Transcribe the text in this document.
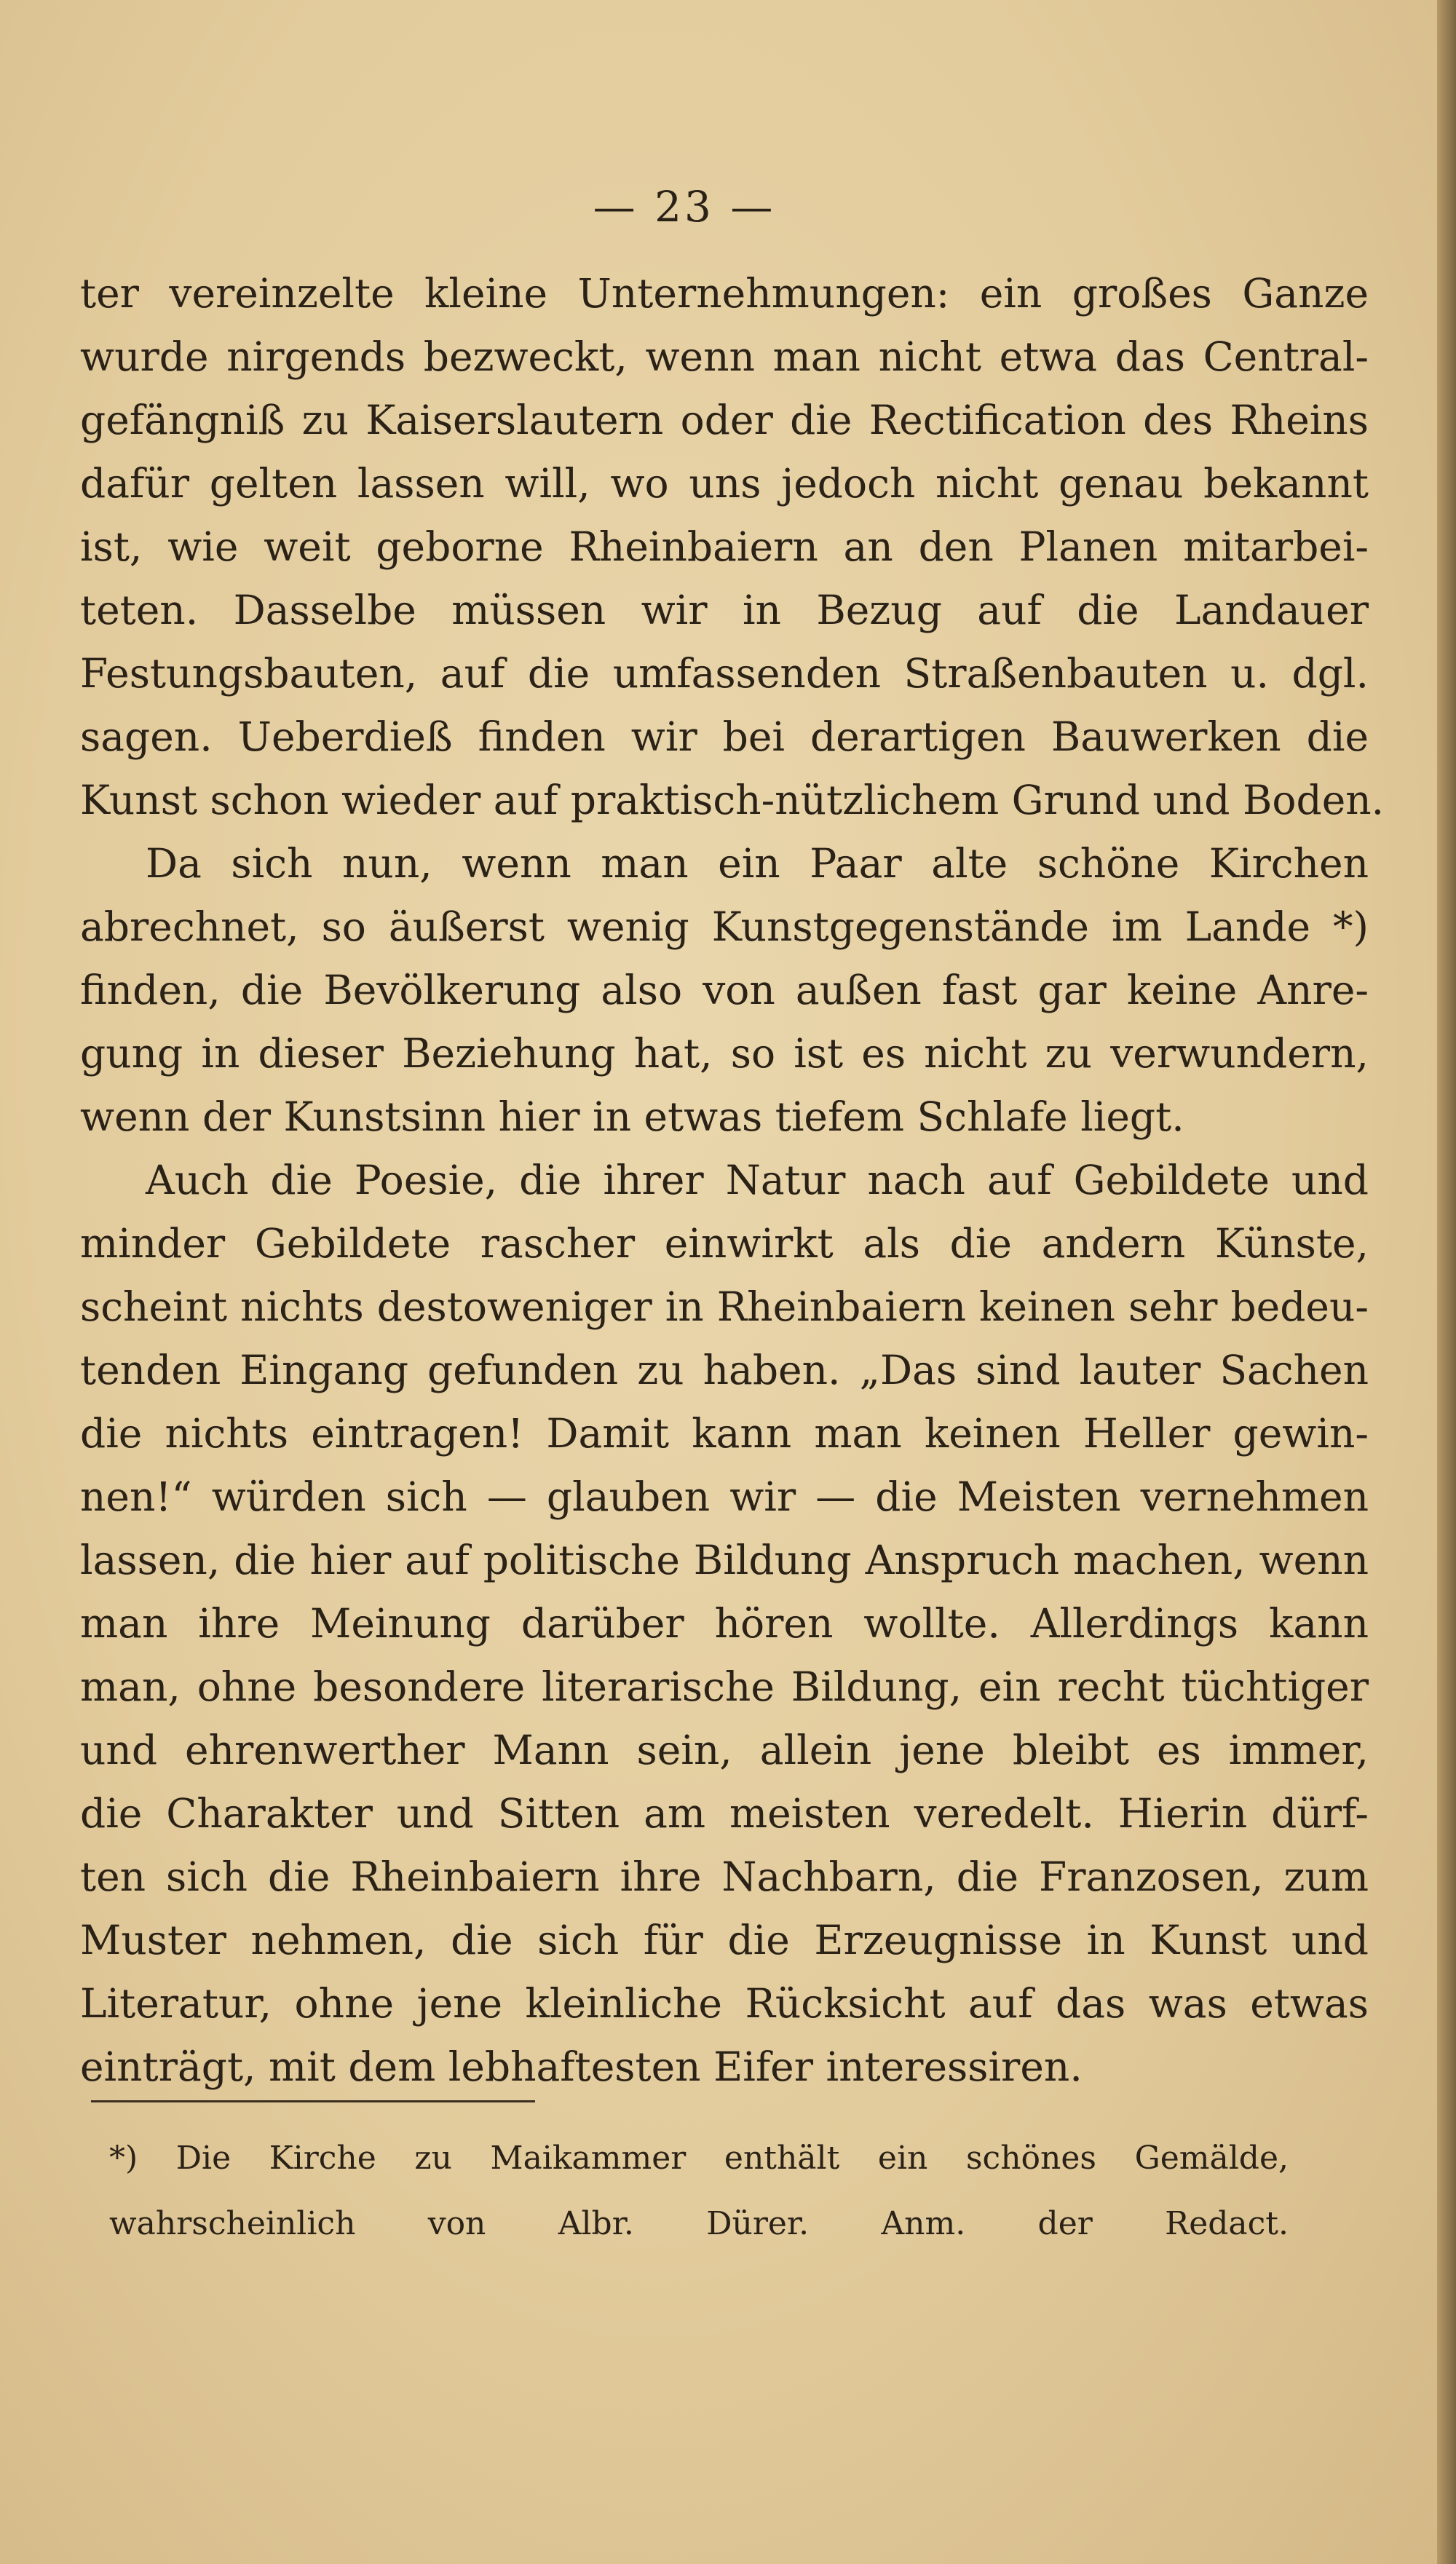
— 23 —
ter vereinzelte kleine Unternehmungen: ein großes Ganze
wurde nirgends bezweckt, wenn man nicht etwa das Central-
gefängniß zu Kaiserslautern oder die Rectification des Rheins
dafür gelten lassen will, wo uns jedoch nicht genau bekannt
ist, wie weit geborne Rheinbaiern an den Planen mitarbei-
teten. Dasselbe müssen wir in Bezug auf die Landauer
Festungsbauten, auf die umfassenden Straßenbauten u. dgl.
sagen. Ueberdieß finden wir bei derartigen Bauwerken die
Kunst schon wieder auf praktisch-nützlichem Grund und Boden.
Da sich nun, wenn man ein Paar alte schöne Kirchen
abrechnet, so äußerst wenig Kunstgegenstände im Lande *)
finden, die Bevölkerung also von außen fast gar keine Anre-
gung in dieser Beziehung hat, so ist es nicht zu verwundern,
wenn der Kunstsinn hier in etwas tiefem Schlafe liegt.
Auch die Poesie, die ihrer Natur nach auf Gebildete und
minder Gebildete rascher einwirkt als die andern Künste,
scheint nichts destoweniger in Rheinbaiern keinen sehr bedeu-
tenden Eingang gefunden zu haben. „Das sind lauter Sachen
die nichts eintragen! Damit kann man keinen Heller gewin-
nen!“ würden sich — glauben wir — die Meisten vernehmen
lassen, die hier auf politische Bildung Anspruch machen, wenn
man ihre Meinung darüber hören wollte. Allerdings kann
man, ohne besondere literarische Bildung, ein recht tüchtiger
und ehrenwerther Mann sein, allein jene bleibt es immer,
die Charakter und Sitten am meisten veredelt. Hierin dürf-
ten sich die Rheinbaiern ihre Nachbarn, die Franzosen, zum
Muster nehmen, die sich für die Erzeugnisse in Kunst und
Literatur, ohne jene kleinliche Rücksicht auf das was etwas
einträgt, mit dem lebhaftesten Eifer interessiren.
*) Die Kirche zu Maikammer enthält ein schönes Gemälde,
wahrscheinlich von Albr. Dürer. Anm. der Redact.
